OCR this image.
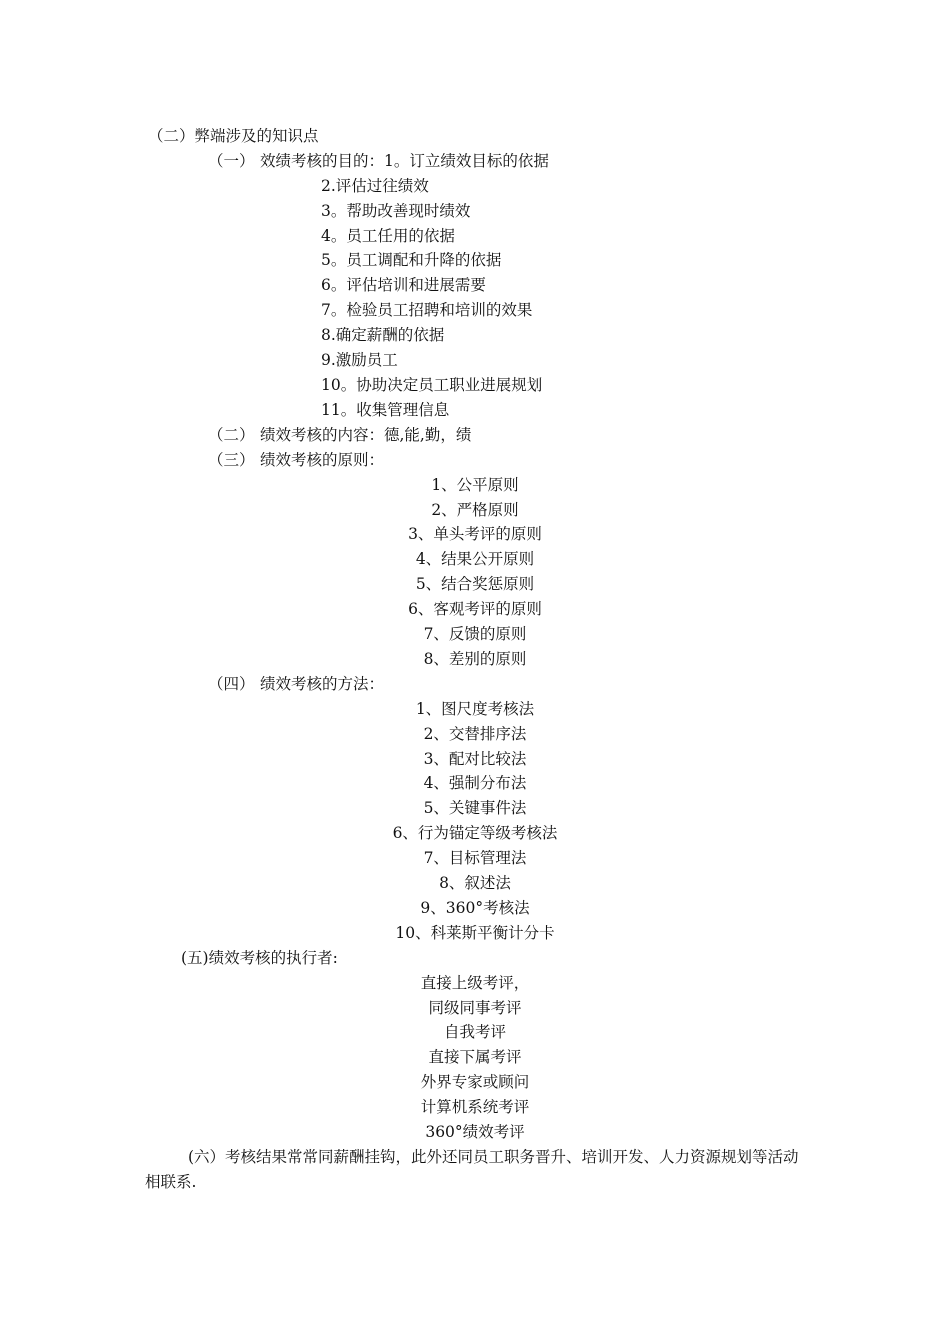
（二）弊端涉及的知识点
（一） 效绩考核的目的：1。订立绩效目标的依据
2.评估过往绩效
3。帮助改善现时绩效
4。员工任用的依据
5。员工调配和升降的依据
6。评估培训和进展需要
7。检验员工招聘和培训的效果
8.确定薪酬的依据
9.激励员工
10。协助决定员工职业进展规划
11。收集管理信息
（二） 绩效考核的内容：德,能,勤，绩
（三） 绩效考核的原则：
1、公平原则
2、严格原则
3、单头考评的原则
4、结果公开原则
5、结合奖惩原则
6、客观考评的原则
7、反馈的原则
8、差别的原则
（四） 绩效考核的方法：
1、图尺度考核法
2、交替排序法
3、配对比较法
4、强制分布法
5、关键事件法
6、行为锚定等级考核法
7、目标管理法
8、叙述法
9、360°考核法
10、科莱斯平衡计分卡
(五)绩效考核的执行者:
直接上级考评，
同级同事考评
自我考评
直接下属考评
外界专家或顾问
计算机系统考评
360°绩效考评
(六）考核结果常常同薪酬挂钩，此外还同员工职务晋升、培训开发、人力资源规划等活动相联系.
